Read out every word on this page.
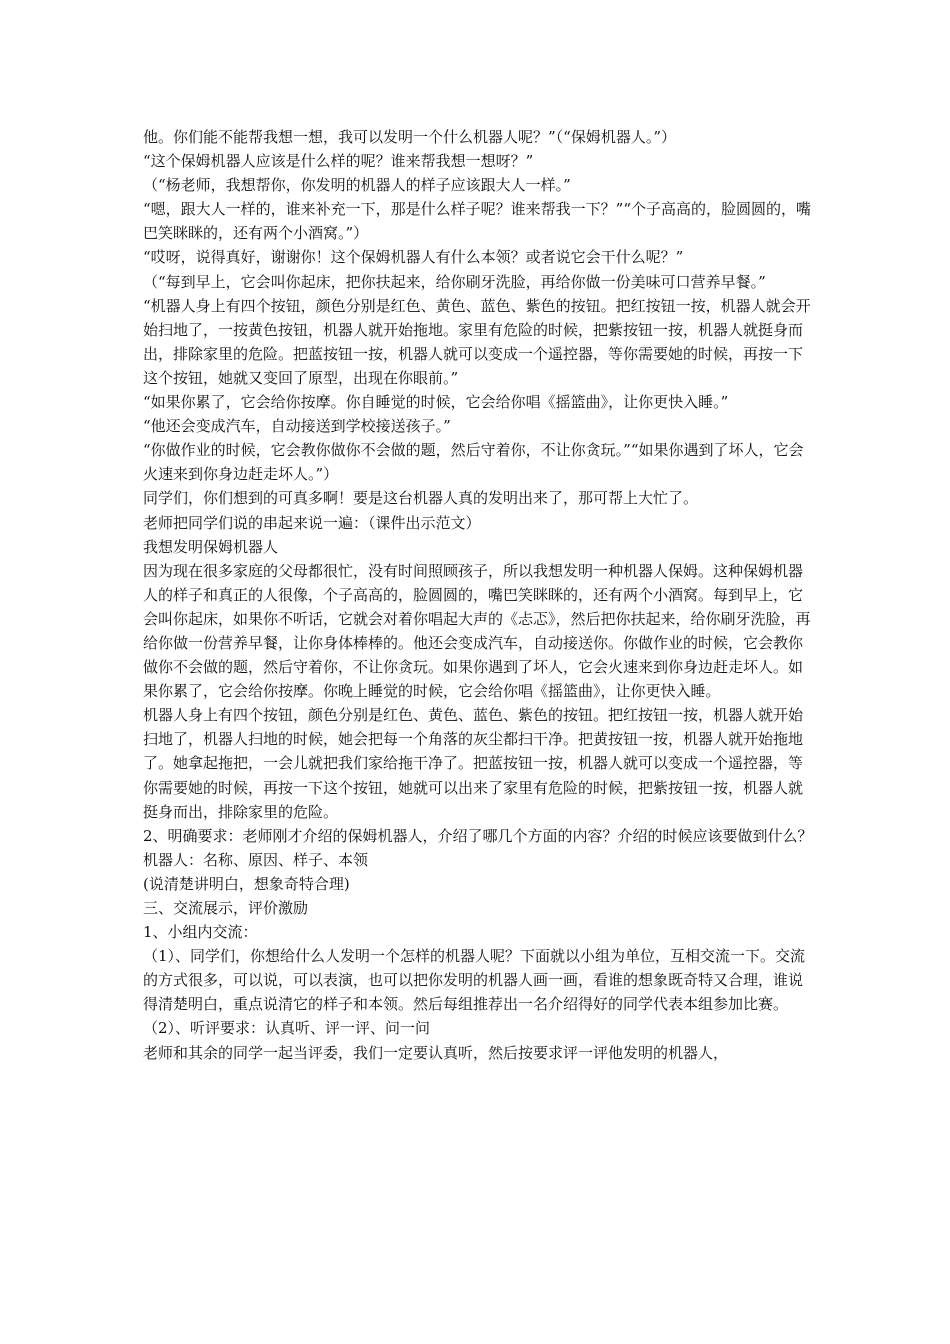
他。你们能不能帮我想一想，我可以发明一个什么机器人呢？”（“保姆机器人。”）

“这个保姆机器人应该是什么样的呢？谁来帮我想一想呀？”

（“杨老师，我想帮你，你发明的机器人的样子应该跟大人一样。”

“嗯，跟大人一样的，谁来补充一下，那是什么样子呢？谁来帮我一下？”“个子高高的，脸圆圆的，嘴巴笑眯眯的，还有两个小酒窝。”）

“哎呀，说得真好，谢谢你！这个保姆机器人有什么本领？或者说它会干什么呢？”

（“每到早上，它会叫你起床，把你扶起来，给你刷牙洗脸，再给你做一份美味可口营养早餐。”

“机器人身上有四个按钮，颜色分别是红色、黄色、蓝色、紫色的按钮。把红按钮一按，机器人就会开始扫地了，一按黄色按钮，机器人就开始拖地。家里有危险的时候，把紫按钮一按，机器人就挺身而出，排除家里的危险。把蓝按钮一按，机器人就可以变成一个遥控器，等你需要她的时候，再按一下这个按钮，她就又变回了原型，出现在你眼前。”

“如果你累了，它会给你按摩。你自睡觉的时候，它会给你唱《摇篮曲》，让你更快入睡。”

“他还会变成汽车，自动接送到学校接送孩子。”

“你做作业的时候，它会教你做你不会做的题，然后守着你，不让你贪玩。”“如果你遇到了坏人，它会火速来到你身边赶走坏人。”）

同学们，你们想到的可真多啊！要是这台机器人真的发明出来了，那可帮上大忙了。

老师把同学们说的串起来说一遍：（课件出示范文）

我想发明保姆机器人

因为现在很多家庭的父母都很忙，没有时间照顾孩子，所以我想发明一种机器人保姆。这种保姆机器人的样子和真正的人很像，个子高高的，脸圆圆的，嘴巴笑眯眯的，还有两个小酒窝。每到早上，它会叫你起床，如果你不听话，它就会对着你唱起大声的《忐忑》，然后把你扶起来，给你刷牙洗脸，再给你做一份营养早餐，让你身体棒棒的。他还会变成汽车，自动接送你。你做作业的时候，它会教你做你不会做的题，然后守着你，不让你贪玩。如果你遇到了坏人，它会火速来到你身边赶走坏人。如果你累了，它会给你按摩。你晚上睡觉的时候，它会给你唱《摇篮曲》，让你更快入睡。

机器人身上有四个按钮，颜色分别是红色、黄色、蓝色、紫色的按钮。把红按钮一按，机器人就开始扫地了，机器人扫地的时候，她会把每一个角落的灰尘都扫干净。把黄按钮一按，机器人就开始拖地了。她拿起拖把，一会儿就把我们家给拖干净了。把蓝按钮一按，机器人就可以变成一个遥控器，等你需要她的时候，再按一下这个按钮，她就可以出来了家里有危险的时候，把紫按钮一按，机器人就挺身而出，排除家里的危险。

2、明确要求：老师刚才介绍的保姆机器人，介绍了哪几个方面的内容？介绍的时候应该要做到什么？

机器人：名称、原因、样子、本领

(说清楚讲明白，想象奇特合理)

三、交流展示，评价激励

1、小组内交流：

（1）、同学们，你想给什么人发明一个怎样的机器人呢？下面就以小组为单位，互相交流一下。交流的方式很多，可以说，可以表演，也可以把你发明的机器人画一画，看谁的想象既奇特又合理，谁说得清楚明白，重点说清它的样子和本领。然后每组推荐出一名介绍得好的同学代表本组参加比赛。

（2）、听评要求：认真听、评一评、问一问

老师和其余的同学一起当评委，我们一定要认真听，然后按要求评一评他发明的机器人，
